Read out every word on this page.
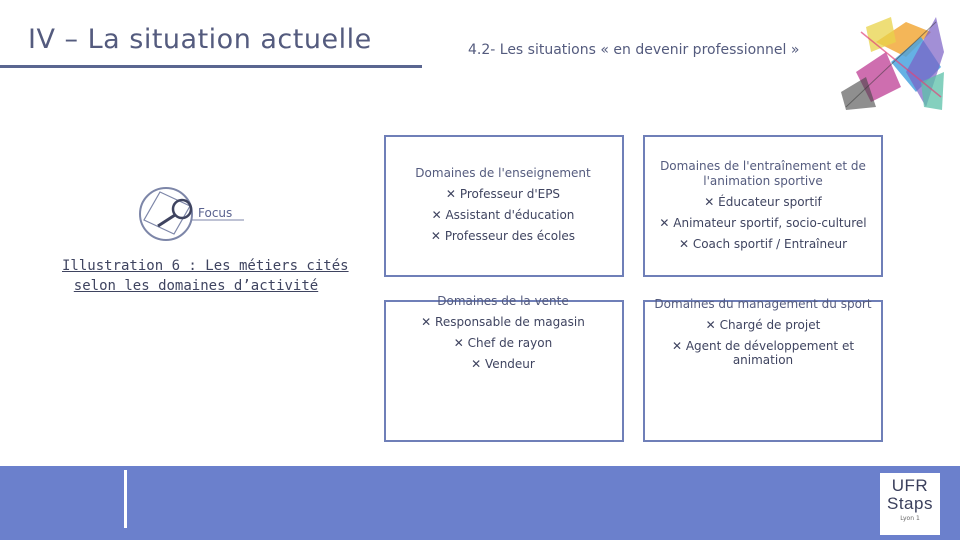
IV – La situation actuelle	4.2- Les situations « en devenir professionnel »
Focus
Illustration 6 : Les métiers cités
selon les domaines d’activité
Domaines de l'enseignement
✕ Professeur d'EPS
✕ Assistant d'éducation
✕ Professeur des écoles
Domaines de l'entraînement et de l'animation sportive
✕ Éducateur sportif
✕ Animateur sportif, socio-culturel
✕ Coach sportif / Entraîneur
Domaines de la vente
✕ Responsable de magasin
✕ Chef de rayon
✕ Vendeur
Domaines du management du sport
✕ Chargé de projet
✕ Agent de développement et animation
UFR
Staps
Lyon 1
